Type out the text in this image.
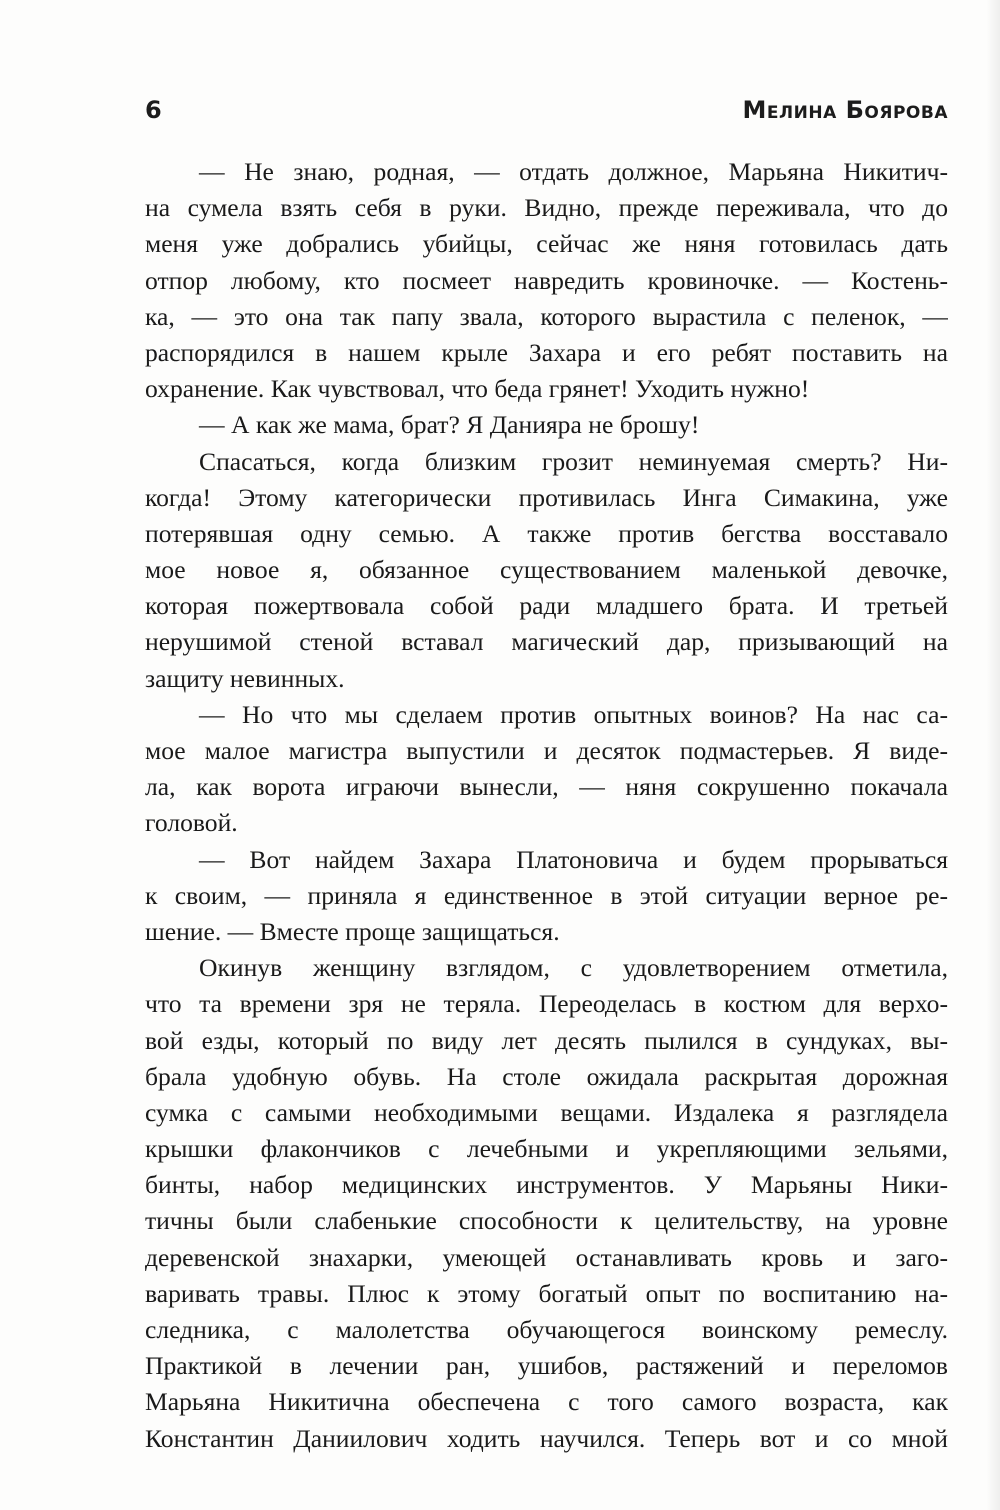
6	Мелина Боярова
— Не знаю, родная, — отдать должное, Марьяна Никитич-
на сумела взять себя в руки. Видно, прежде переживала, что до
меня уже добрались убийцы, сейчас же няня готовилась дать
отпор любому, кто посмеет навредить кровиночке. — Костень-
ка, — это она так папу звала, которого вырастила с пеленок, —
распорядился в нашем крыле Захара и его ребят поставить на
охранение. Как чувствовал, что беда грянет! Уходить нужно!
— А как же мама, брат? Я Данияра не брошу!
Спасаться, когда близким грозит неминуемая смерть? Ни-
когда! Этому категорически противилась Инга Симакина, уже
потерявшая одну семью. А также против бегства восставало
мое новое я, обязанное существованием маленькой девочке,
которая пожертвовала собой ради младшего брата. И третьей
нерушимой стеной вставал магический дар, призывающий на
защиту невинных.
— Но что мы сделаем против опытных воинов? На нас са-
мое малое магистра выпустили и десяток подмастерьев. Я виде-
ла, как ворота играючи вынесли, — няня сокрушенно покачала
головой.
— Вот найдем Захара Платоновича и будем прорываться
к своим, — приняла я единственное в этой ситуации верное ре-
шение. — Вместе проще защищаться.
Окинув женщину взглядом, с удовлетворением отметила,
что та времени зря не теряла. Переоделась в костюм для верхо-
вой езды, который по виду лет десять пылился в сундуках, вы-
брала удобную обувь. На столе ожидала раскрытая дорожная
сумка с самыми необходимыми вещами. Издалека я разглядела
крышки флакончиков с лечебными и укрепляющими зельями,
бинты, набор медицинских инструментов. У Марьяны Ники-
тичны были слабенькие способности к целительству, на уровне
деревенской знахарки, умеющей останавливать кровь и заго-
варивать травы. Плюс к этому богатый опыт по воспитанию на-
следника, с малолетства обучающегося воинскому ремеслу.
Практикой в лечении ран, ушибов, растяжений и переломов
Марьяна Никитична обеспечена с того самого возраста, как
Константин Даниилович ходить научился. Теперь вот и со мной
